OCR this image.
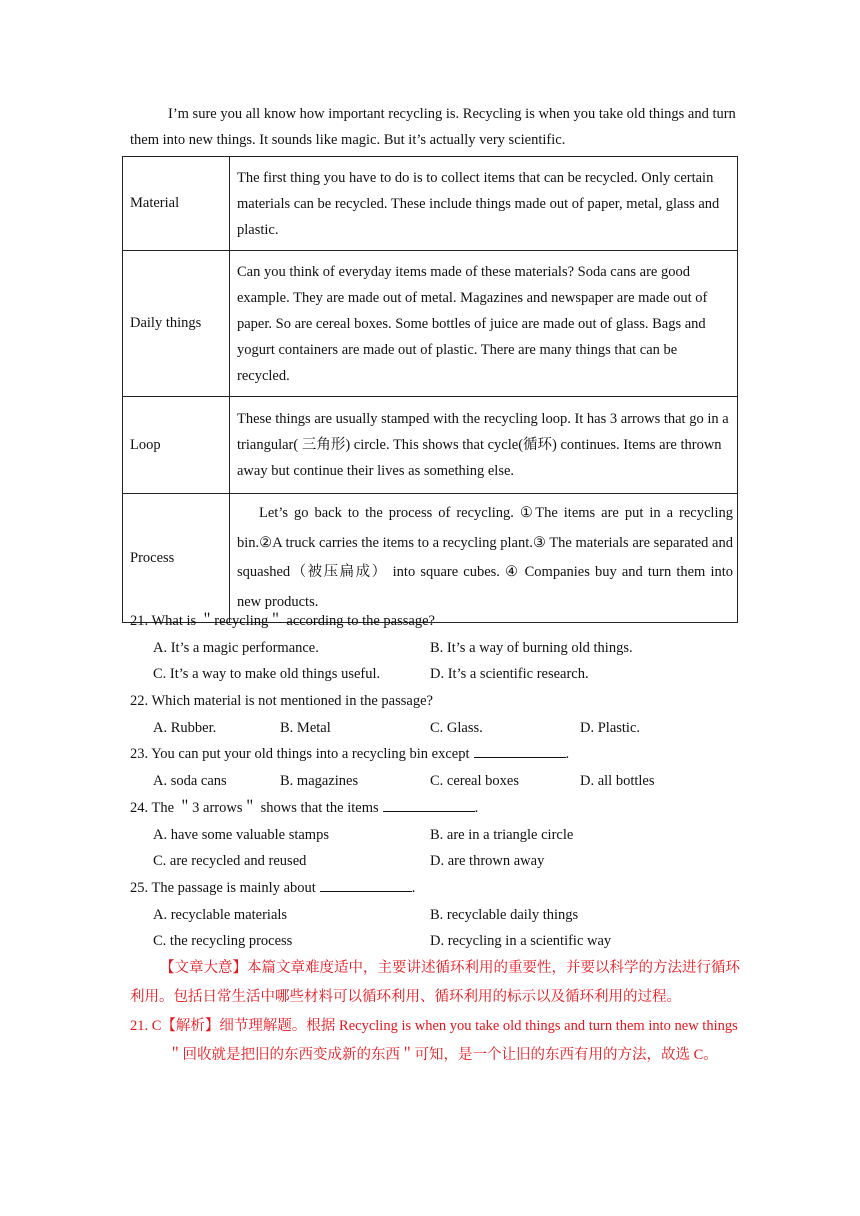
I’m sure you all know how important recycling is. Recycling is when you take old things and turn them into new things. It sounds like magic. But it’s actually very scientific.

Material	The first thing you have to do is to collect items that can be recycled. Only certain materials can be recycled. These include things made out of paper, metal, glass and plastic.
Daily things	Can you think of everyday items made of these materials? Soda cans are good example. They are made out of metal. Magazines and newspaper are made out of paper. So are cereal boxes. Some bottles of juice are made out of glass. Bags and yogurt containers are made out of plastic. There are many things that can be recycled.
Loop	These things are usually stamped with the recycling loop. It has 3 arrows that go in a triangular( 三角形) circle. This shows that cycle(循环) continues. Items are thrown away but continue their lives as something else.
Process	Let’s go back to the process of recycling. ①The items are put in a recycling bin.②A truck carries the items to a recycling plant.③ The materials are separated and squashed（被压扁成） into square cubes. ④ Companies buy and turn them into new products.
21. What is ＂recycling＂ according to the passage?
A. It’s a magic performance.	B. It’s a way of burning old things.
C. It’s a way to make old things useful.	D. It’s a scientific research.
22. Which material is not mentioned in the passage?
A. Rubber.	B. Metal	C. Glass.	D. Plastic.
23. You can put your old things into a recycling bin except	.
A. soda cans	B. magazines	C. cereal boxes	D. all bottles
24. The ＂3 arrows＂ shows that the items	.
A. have some valuable stamps	B. are in a triangle circle
C. are recycled and reused	D. are thrown away
25. The passage is mainly about	.
A. recyclable materials	B. recyclable daily things
C. the recycling process	D. recycling in a scientific way

【文章大意】本篇文章难度适中，主要讲述循环利用的重要性，并要以科学的方法进行循环利用。包括日常生活中哪些材料可以循环利用、循环利用的标示以及循环利用的过程。

21. C【解析】细节理解题。根据 Recycling is when you take old things and turn them into new things＂回收就是把旧的东西变成新的东西＂可知，是一个让旧的东西有用的方法，故选 C。
